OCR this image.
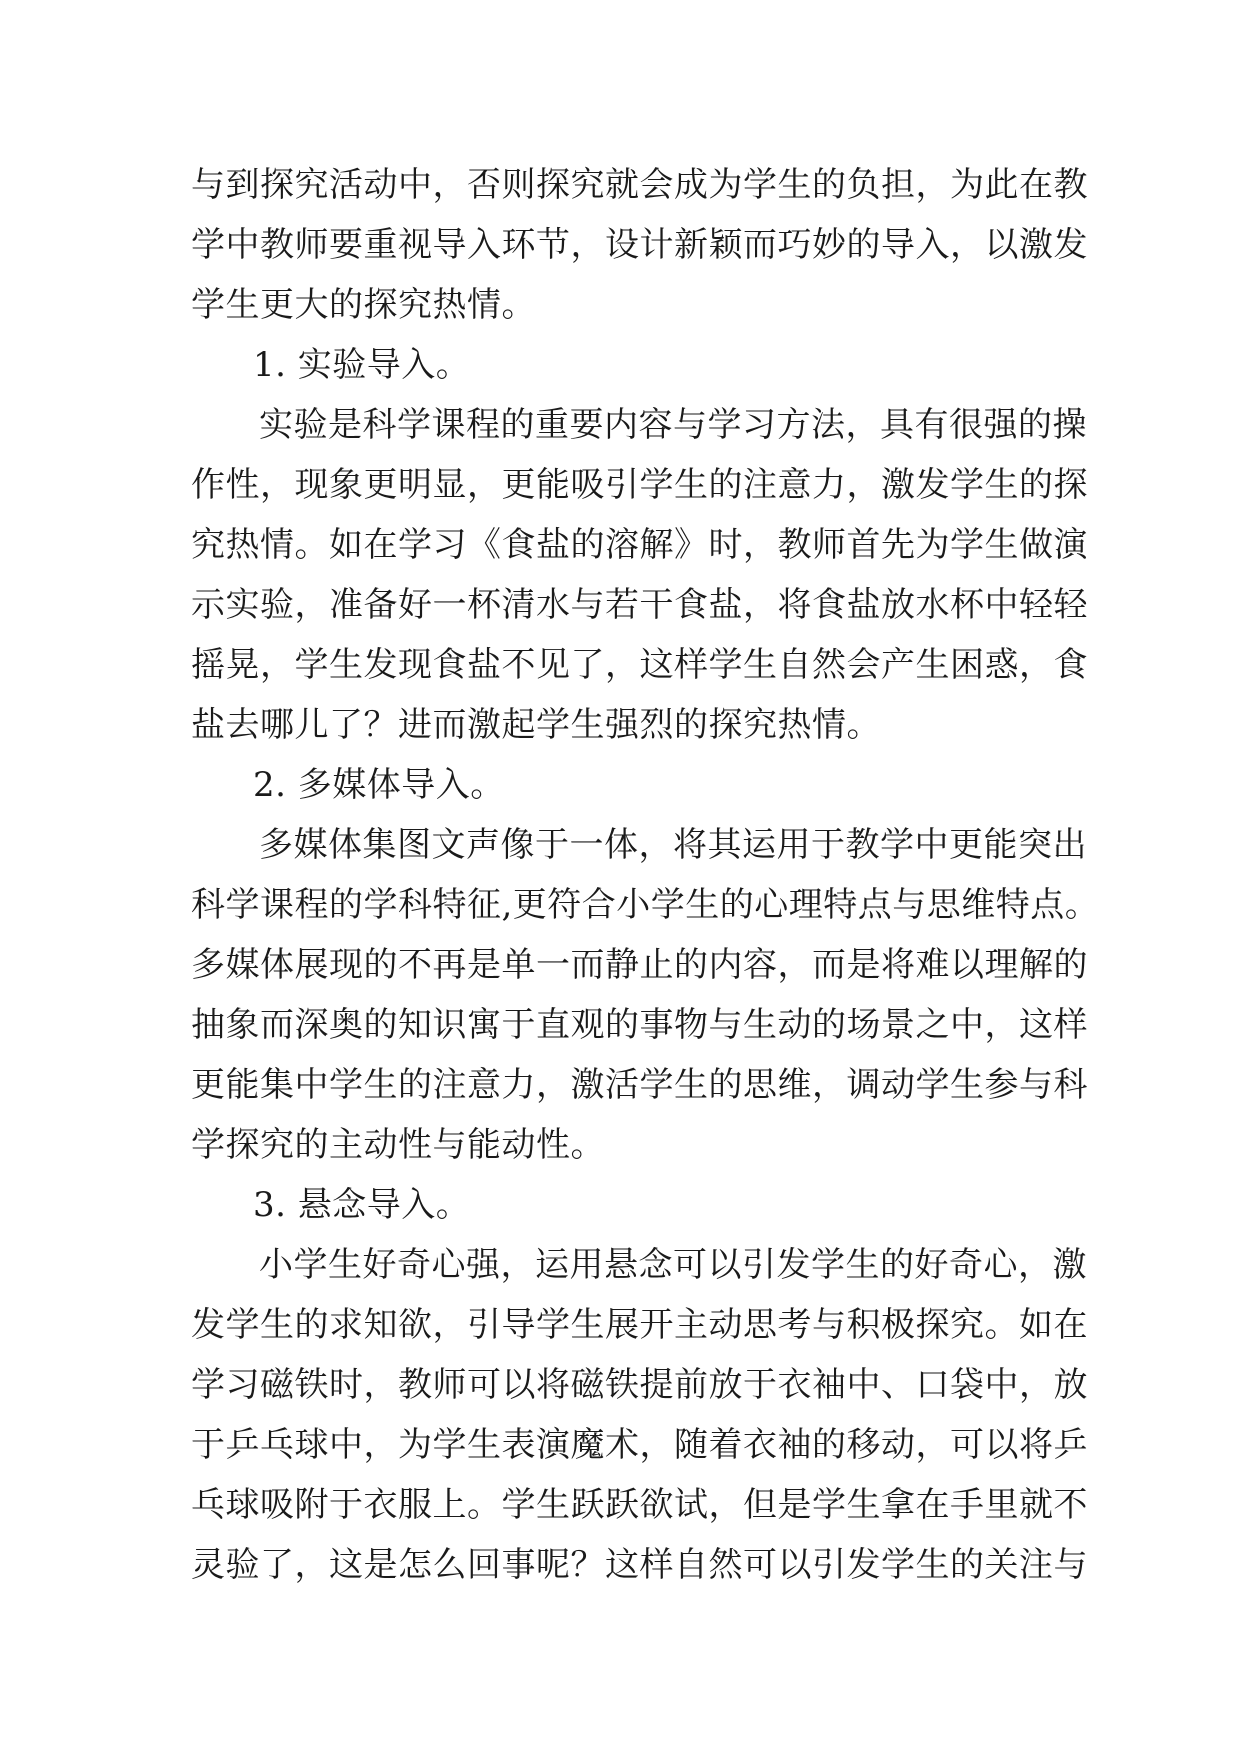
与到探究活动中，否则探究就会成为学生的负担，为此在教
学中教师要重视导入环节，设计新颖而巧妙的导入，以激发
学生更大的探究热情。
1. 实验导入。
实验是科学课程的重要内容与学习方法，具有很强的操
作性，现象更明显，更能吸引学生的注意力，激发学生的探
究热情。如在学习《食盐的溶解》时，教师首先为学生做演
示实验，准备好一杯清水与若干食盐，将食盐放水杯中轻轻
摇晃，学生发现食盐不见了，这样学生自然会产生困惑，食
盐去哪儿了？进而激起学生强烈的探究热情。
2. 多媒体导入。
多媒体集图文声像于一体，将其运用于教学中更能突出
科学课程的学科特征,更符合小学生的心理特点与思维特点。
多媒体展现的不再是单一而静止的内容，而是将难以理解的
抽象而深奥的知识寓于直观的事物与生动的场景之中，这样
更能集中学生的注意力，激活学生的思维，调动学生参与科
学探究的主动性与能动性。
3. 悬念导入。
小学生好奇心强，运用悬念可以引发学生的好奇心，激
发学生的求知欲，引导学生展开主动思考与积极探究。如在
学习磁铁时，教师可以将磁铁提前放于衣袖中、口袋中，放
于乒乓球中，为学生表演魔术，随着衣袖的移动，可以将乒
乓球吸附于衣服上。学生跃跃欲试，但是学生拿在手里就不
灵验了，这是怎么回事呢？这样自然可以引发学生的关注与
